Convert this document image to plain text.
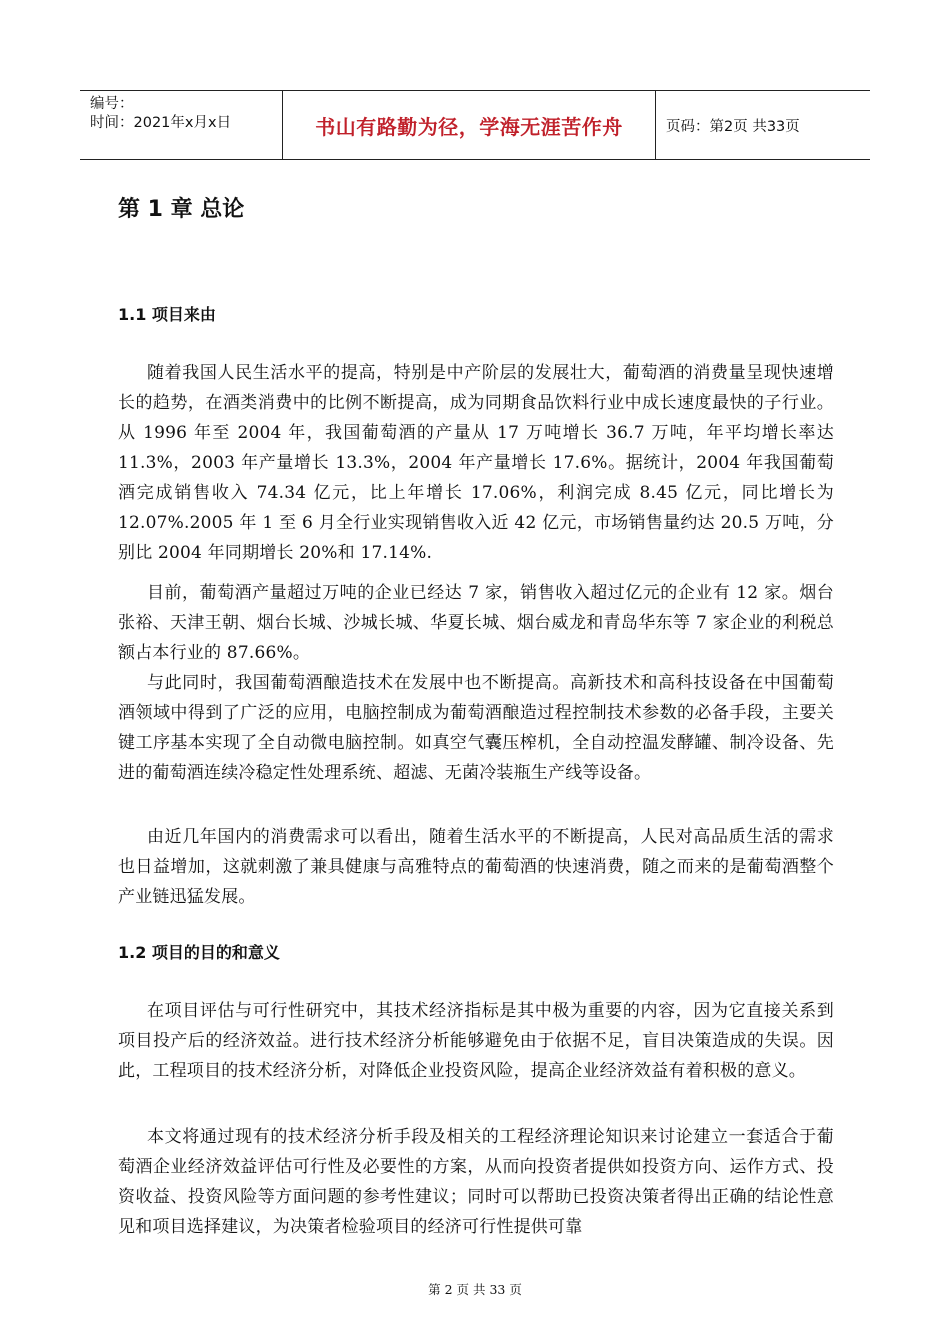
编号：
时间：2021年x月x日	书山有路勤为径，学海无涯苦作舟	页码：第2页 共33页
第 1 章 总论
1.1 项目来由

随着我国人民生活水平的提高，特别是中产阶层的发展壮大，葡萄酒的消费量呈现快速增长的趋势，在酒类消费中的比例不断提高，成为同期食品饮料行业中成长速度最快的子行业。从 1996 年至 2004 年，我国葡萄酒的产量从 17 万吨增长 36.7 万吨，年平均增长率达 11.3%，2003 年产量增长 13.3%，2004 年产量增长 17.6%。据统计，2004 年我国葡萄酒完成销售收入 74.34 亿元，比上年增长 17.06%，利润完成 8.45 亿元，同比增长为 12.07%.2005 年 1 至 6 月全行业实现销售收入近 42 亿元，市场销售量约达 20.5 万吨，分别比 2004 年同期增长 20%和 17.14%.

目前，葡萄酒产量超过万吨的企业已经达 7 家，销售收入超过亿元的企业有 12 家。烟台张裕、天津王朝、烟台长城、沙城长城、华夏长城、烟台威龙和青岛华东等 7 家企业的利税总额占本行业的 87.66%。

与此同时，我国葡萄酒酿造技术在发展中也不断提高。高新技术和高科技设备在中国葡萄酒领域中得到了广泛的应用，电脑控制成为葡萄酒酿造过程控制技术参数的必备手段，主要关键工序基本实现了全自动微电脑控制。如真空气囊压榨机，全自动控温发酵罐、制冷设备、先进的葡萄酒连续冷稳定性处理系统、超滤、无菌冷装瓶生产线等设备。

由近几年国内的消费需求可以看出，随着生活水平的不断提高，人民对高品质生活的需求也日益增加，这就刺激了兼具健康与高雅特点的葡萄酒的快速消费，随之而来的是葡萄酒整个产业链迅猛发展。

1.2 项目的目的和意义

在项目评估与可行性研究中，其技术经济指标是其中极为重要的内容，因为它直接关系到项目投产后的经济效益。进行技术经济分析能够避免由于依据不足，盲目决策造成的失误。因此，工程项目的技术经济分析，对降低企业投资风险，提高企业经济效益有着积极的意义。

本文将通过现有的技术经济分析手段及相关的工程经济理论知识来讨论建立一套适合于葡萄酒企业经济效益评估可行性及必要性的方案，从而向投资者提供如投资方向、运作方式、投资收益、投资风险等方面问题的参考性建议；同时可以帮助已投资决策者得出正确的结论性意见和项目选择建议，为决策者检验项目的经济可行性提供可靠

第 2 页 共 33 页
